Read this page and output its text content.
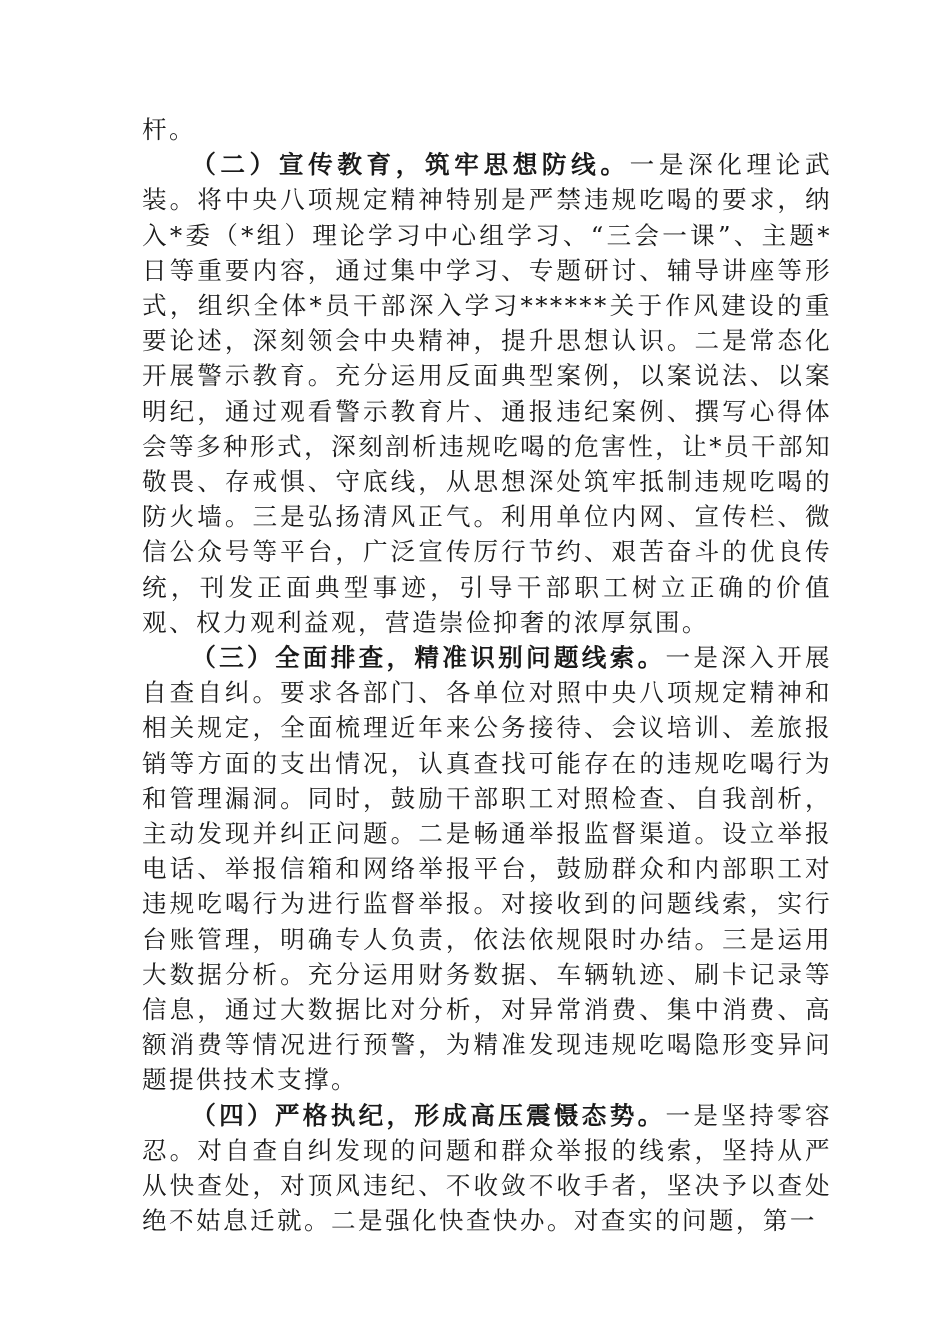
杆。

（二）宣传教育，筑牢思想防线。一是深化理论武装。将中央八项规定精神特别是严禁违规吃喝的要求，纳入*委（*组）理论学习中心组学习、“三会一课”、主题*日等重要内容，通过集中学习、专题研讨、辅导讲座等形式，组织全体*员干部深入学习******关于作风建设的重要论述，深刻领会中央精神，提升思想认识。二是常态化开展警示教育。充分运用反面典型案例，以案说法、以案明纪，通过观看警示教育片、通报违纪案例、撰写心得体会等多种形式，深刻剖析违规吃喝的危害性，让*员干部知敬畏、存戒惧、守底线，从思想深处筑牢抵制违规吃喝的防火墙。三是弘扬清风正气。利用单位内网、宣传栏、微信公众号等平台，广泛宣传厉行节约、艰苦奋斗的优良传统，刊发正面典型事迹，引导干部职工树立正确的价值观、权力观利益观，营造崇俭抑奢的浓厚氛围。

（三）全面排查，精准识别问题线索。一是深入开展自查自纠。要求各部门、各单位对照中央八项规定精神和相关规定，全面梳理近年来公务接待、会议培训、差旅报销等方面的支出情况，认真查找可能存在的违规吃喝行为和管理漏洞。同时，鼓励干部职工对照检查、自我剖析，主动发现并纠正问题。二是畅通举报监督渠道。设立举报电话、举报信箱和网络举报平台，鼓励群众和内部职工对违规吃喝行为进行监督举报。对接收到的问题线索，实行台账管理，明确专人负责，依法依规限时办结。三是运用大数据分析。充分运用财务数据、车辆轨迹、刷卡记录等信息，通过大数据比对分析，对异常消费、集中消费、高额消费等情况进行预警，为精准发现违规吃喝隐形变异问题提供技术支撑。

（四）严格执纪，形成高压震慑态势。一是坚持零容忍。对自查自纠发现的问题和群众举报的线索，坚持从严从快查处，对顶风违纪、不收敛不收手者，坚决予以查处绝不姑息迁就。二是强化快查快办。对查实的问题，第一
